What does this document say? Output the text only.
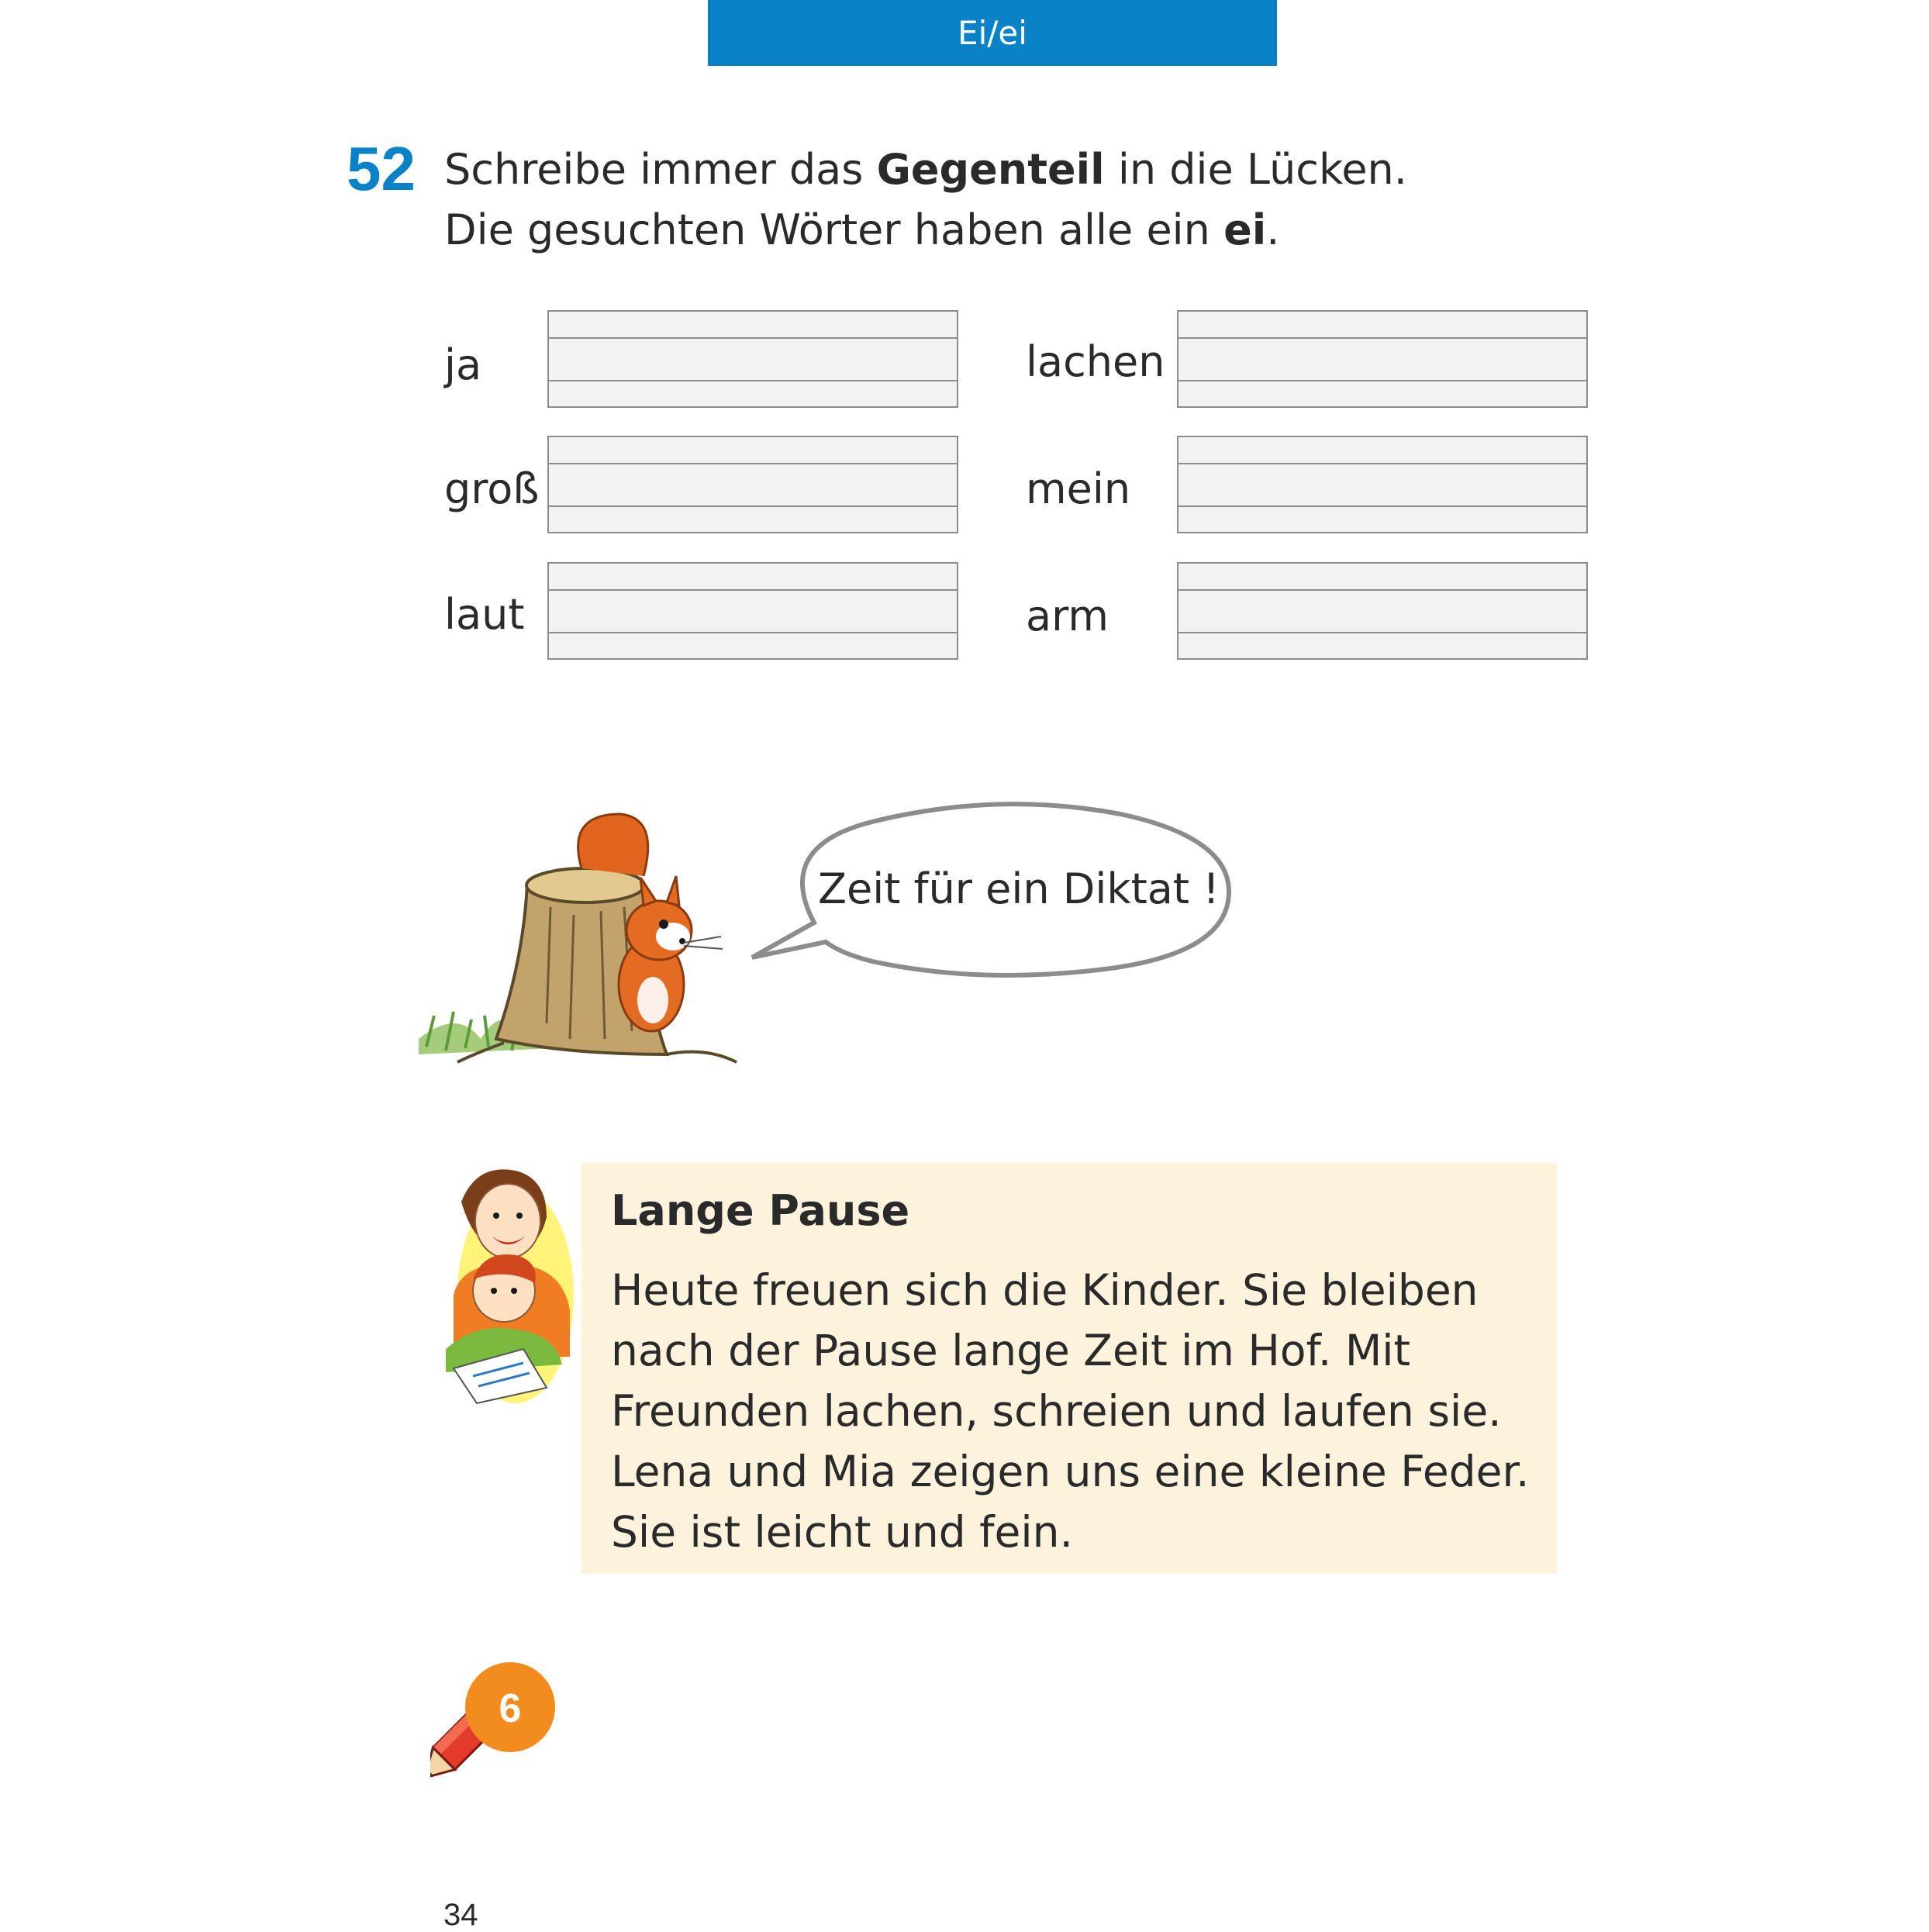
Ei/ei
52 Schreibe immer das Gegenteil in die Lücken.
Die gesuchten Wörter haben alle ein ei.
ja	lachen
groß	mein
laut	arm
Zeit für ein Diktat !
Lange Pause
Heute freuen sich die Kinder. Sie bleiben
nach der Pause lange Zeit im Hof. Mit
Freunden lachen, schreien und laufen sie.
Lena und Mia zeigen uns eine kleine Feder.
Sie ist leicht und fein.
6
34
